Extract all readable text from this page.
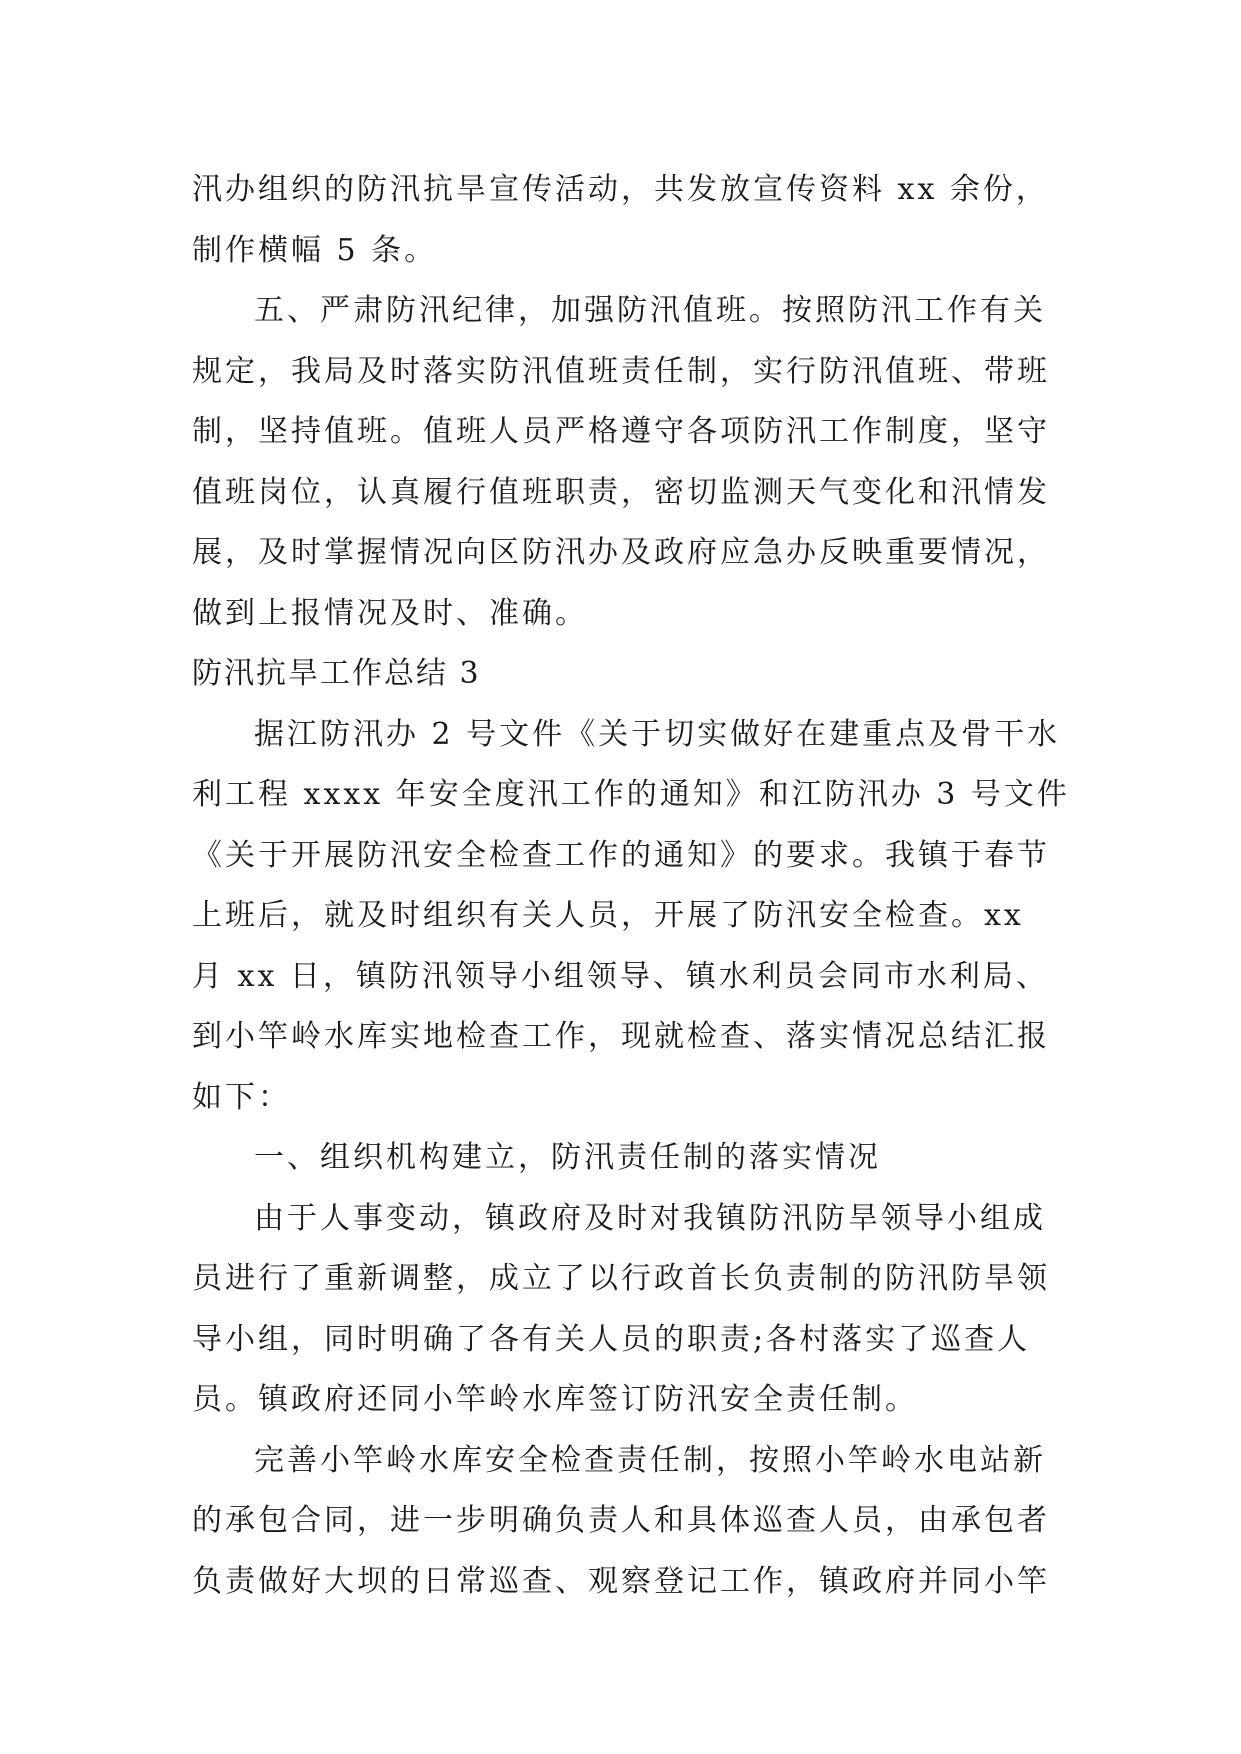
汛办组织的防汛抗旱宣传活动，共发放宣传资料 xx 余份，
制作横幅 5 条。
五、严肃防汛纪律，加强防汛值班。按照防汛工作有关
规定，我局及时落实防汛值班责任制，实行防汛值班、带班
制，坚持值班。值班人员严格遵守各项防汛工作制度，坚守
值班岗位，认真履行值班职责，密切监测天气变化和汛情发
展，及时掌握情况向区防汛办及政府应急办反映重要情况，
做到上报情况及时、准确。
防汛抗旱工作总结 3
据江防汛办 2 号文件《关于切实做好在建重点及骨干水
利工程 xxxx 年安全度汛工作的通知》和江防汛办 3 号文件
《关于开展防汛安全检查工作的通知》的要求。我镇于春节
上班后，就及时组织有关人员，开展了防汛安全检查。xx
月 xx 日，镇防汛领导小组领导、镇水利员会同市水利局、
到小竿岭水库实地检查工作，现就检查、落实情况总结汇报
如下：
一、组织机构建立，防汛责任制的落实情况
由于人事变动，镇政府及时对我镇防汛防旱领导小组成
员进行了重新调整，成立了以行政首长负责制的防汛防旱领
导小组，同时明确了各有关人员的职责;各村落实了巡查人
员。镇政府还同小竿岭水库签订防汛安全责任制。
完善小竿岭水库安全检查责任制，按照小竿岭水电站新
的承包合同，进一步明确负责人和具体巡查人员，由承包者
负责做好大坝的日常巡查、观察登记工作，镇政府并同小竿
